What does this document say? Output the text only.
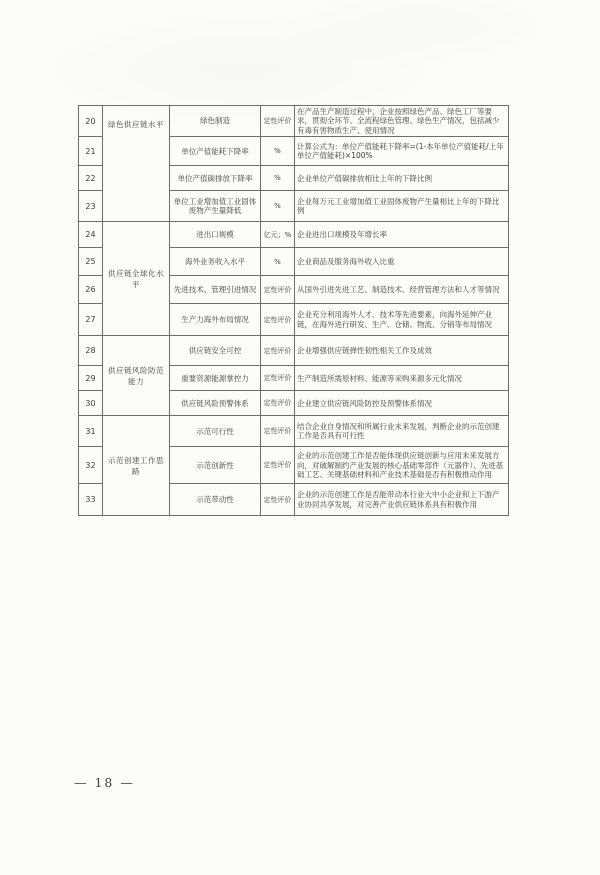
20	绿色供应链水平	绿色制造	定性评价	在产品生产制造过程中，企业按照绿色产品、绿色工厂等要求，贯彻全环节、全流程绿色管理、绿色生产情况，包括减少有毒有害物质生产、使用情况
21		单位产值能耗下降率	%	计算公式为：单位产值能耗下降率=(1-本年单位产值能耗/上年单位产值能耗)×100%
22		单位产值碳排放下降率	%	企业单位产值碳排放相比上年的下降比例
23		单位工业增加值工业固体废物产生量降低	%	企业每万元工业增加值工业固体废物产生量相比上年的下降比例
24	供应链全球化水平	进出口规模	亿元；%	企业进出口规模及年增长率
25		海外业务收入水平	%	企业商品及服务海外收入比重
26		先进技术、管理引进情况	定性评价	从国外引进先进工艺、制造技术、经营管理方法和人才等情况
27		生产力海外布局情况	定性评价	企业充分利用海外人才、技术等先进要素，向海外延伸产业链，在海外进行研发、生产、仓储、物流、分销等布局情况
28	供应链风险防范能力	供应链安全可控	定性评价	企业增强供应链弹性韧性相关工作及成效
29		重要资源能源掌控力	定性评价	生产制造所需原材料、能源等采购来源多元化情况
30		供应链风险预警体系	定性评价	企业建立供应链风险防控及预警体系情况
31	示范创建工作思路	示范可行性	定性评价	结合企业自身情况和所属行业未来发展，判断企业的示范创建工作是否具有可行性
32		示范创新性	定性评价	企业的示范创建工作是否能体现供应链创新与应用未来发展方向，对破解制约产业发展的核心基础零部件（元器件）、先进基础工艺、关键基础材料和产业技术基础是否有积极推动作用
33		示范带动性	定性评价	企业的示范创建工作是否能带动本行业大中小企业和上下游产业协同共享发展，对完善产业供应链体系具有积极作用
— 18 —
